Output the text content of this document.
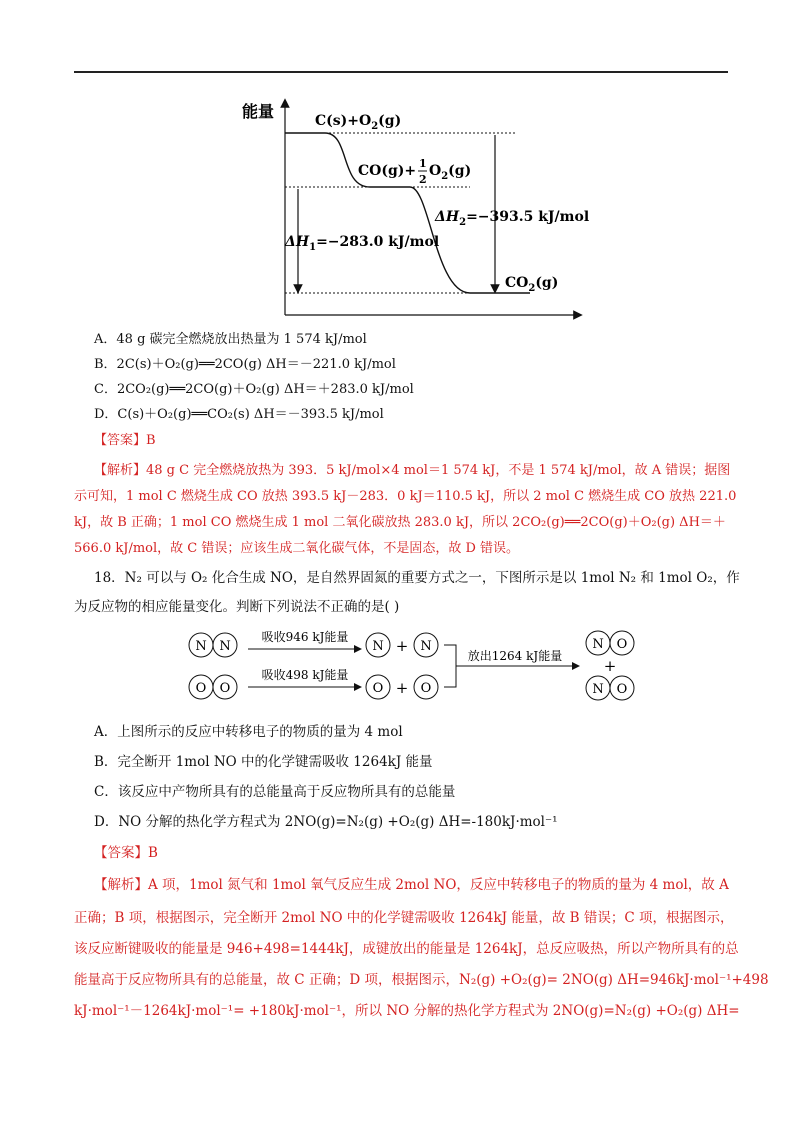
能量	$C(s)+O_2(g)$
CO(g)+ 1
2
$O_2(g)$
$\Delta H_2=-393.5$ kJ/mol
$\Delta H_1=-283.0$ kJ/mol
$CO_2(g)$
A．48 g 碳完全燃烧放出热量为 1 574 kJ/mol
B．2C(s)＋O₂(g)══2CO(g) ΔH＝－221.0 kJ/mol
C．2CO₂(g)══2CO(g)＋O₂(g) ΔH＝＋283.0 kJ/mol
D．C(s)＋O₂(g)══CO₂(s) ΔH＝－393.5 kJ/mol
【答案】B
【解析】48 g C 完全燃烧放热为 393．5 kJ/mol×4 mol＝1 574 kJ，不是 1 574 kJ/mol，故 A 错误；据图
示可知，1 mol C 燃烧生成 CO 放热 393.5 kJ－283．0 kJ＝110.5 kJ，所以 2 mol C 燃烧生成 CO 放热 221.0
kJ，故 B 正确；1 mol CO 燃烧生成 1 mol 二氧化碳放热 283.0 kJ，所以 2CO₂(g)══2CO(g)＋O₂(g) ΔH＝＋
566.0 kJ/mol，故 C 错误；应该生成二氧化碳气体，不是固态，故 D 错误。
18．N₂ 可以与 O₂ 化合生成 NO，是自然界固氮的重要方式之一，下图所示是以 1mol N₂ 和 1mol O₂，作
为反应物的相应能量变化。判断下列说法不正确的是( )
N N
O O
吸收946 kJ能量
吸收498 kJ能量
N + N
O + O
放出1264 kJ能量
N O
+
N O
A．上图所示的反应中转移电子的物质的量为 4 mol
B．完全断开 1mol NO 中的化学键需吸收 1264kJ 能量
C．该反应中产物所具有的总能量高于反应物所具有的总能量
D．NO 分解的热化学方程式为 2NO(g)=N₂(g) +O₂(g) ΔH=-180kJ·mol⁻¹
【答案】B
【解析】A 项，1mol 氮气和 1mol 氧气反应生成 2mol NO，反应中转移电子的物质的量为 4 mol，故 A
正确；B 项，根据图示，完全断开 2mol NO 中的化学键需吸收 1264kJ 能量，故 B 错误；C 项，根据图示，
该反应断键吸收的能量是 946+498=1444kJ，成键放出的能量是 1264kJ，总反应吸热，所以产物所具有的总
能量高于反应物所具有的总能量，故 C 正确；D 项，根据图示，N₂(g) +O₂(g)= 2NO(g) ΔH=946kJ·mol⁻¹+498
kJ·mol⁻¹－1264kJ·mol⁻¹= +180kJ·mol⁻¹，所以 NO 分解的热化学方程式为 2NO(g)=N₂(g) +O₂(g) ΔH=
